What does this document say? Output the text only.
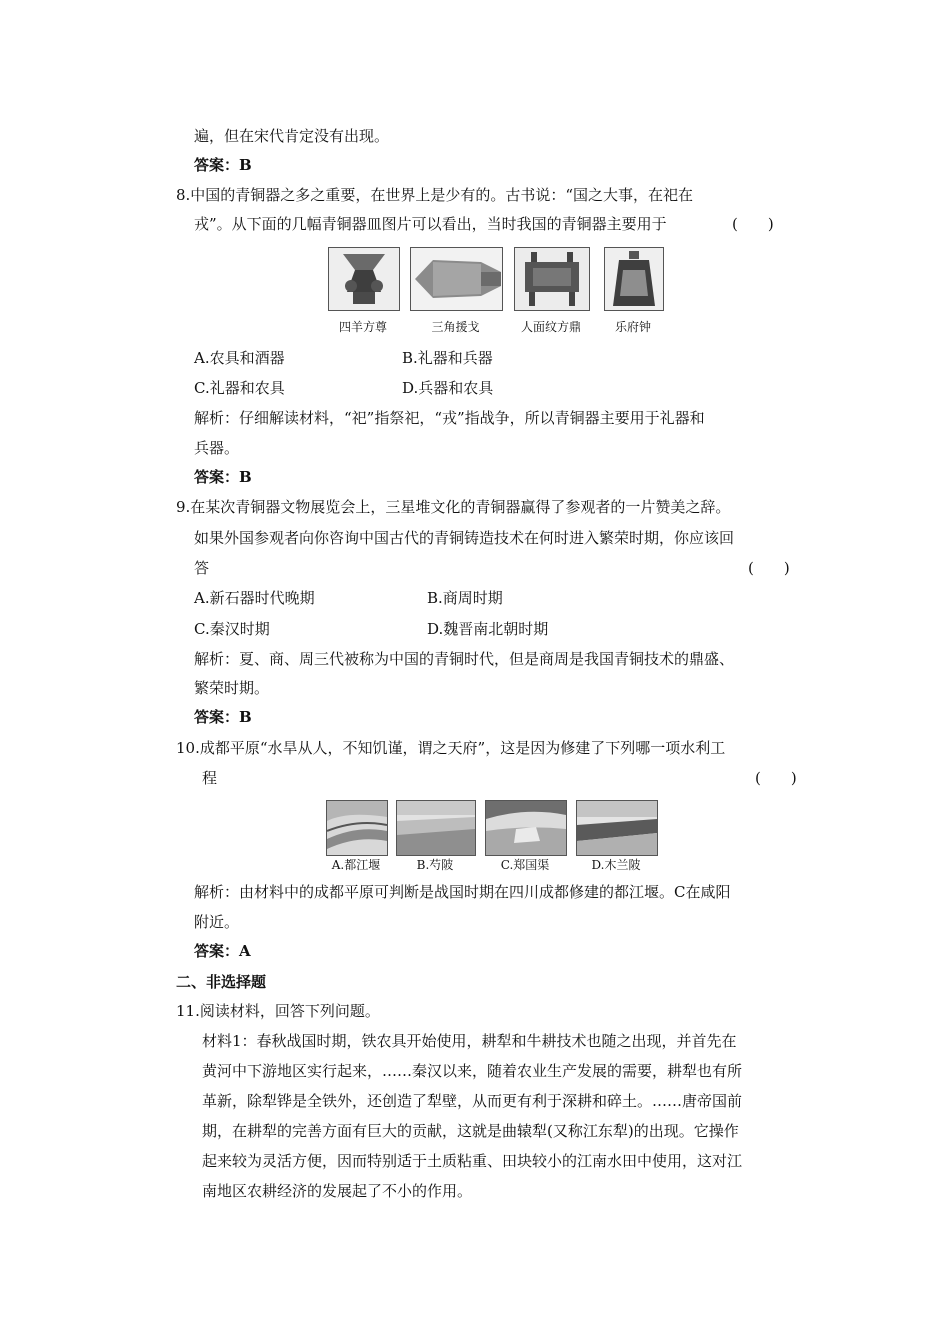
遍，但在宋代肯定没有出现。
答案：B
8.中国的青铜器之多之重要，在世界上是少有的。古书说：“国之大事，在祀在
戎”。从下面的几幅青铜器皿图片可以看出，当时我国的青铜器主要用于	(　　)
四羊方尊	三角援戈	人面纹方鼎	乐府钟
A.农具和酒器	B.礼器和兵器
C.礼器和农具	D.兵器和农具
解析：仔细解读材料，“祀”指祭祀，“戎”指战争，所以青铜器主要用于礼器和
兵器。
答案：B
9.在某次青铜器文物展览会上，三星堆文化的青铜器赢得了参观者的一片赞美之辞。
如果外国参观者向你咨询中国古代的青铜铸造技术在何时进入繁荣时期，你应该回
答	(　　)
A.新石器时代晚期	B.商周时期
C.秦汉时期	D.魏晋南北朝时期
解析：夏、商、周三代被称为中国的青铜时代，但是商周是我国青铜技术的鼎盛、
繁荣时期。
答案：B
10.成都平原“水旱从人，不知饥谨，谓之天府”，这是因为修建了下列哪一项水利工
程	(　　)
A.都江堰	B.芍陂	C.郑国渠	D.木兰陂
解析：由材料中的成都平原可判断是战国时期在四川成都修建的都江堰。C在咸阳
附近。
答案：A
二、非选择题
11.阅读材料，回答下列问题。
材料1：春秋战国时期，铁农具开始使用，耕犁和牛耕技术也随之出现，并首先在
黄河中下游地区实行起来，……秦汉以来，随着农业生产发展的需要，耕犁也有所
革新，除犁铧是全铁外，还创造了犁壁，从而更有利于深耕和碎土。……唐帝国前
期，在耕犁的完善方面有巨大的贡献，这就是曲辕犁(又称江东犁)的出现。它操作
起来较为灵活方便，因而特别适于土质粘重、田块较小的江南水田中使用，这对江
南地区农耕经济的发展起了不小的作用。
